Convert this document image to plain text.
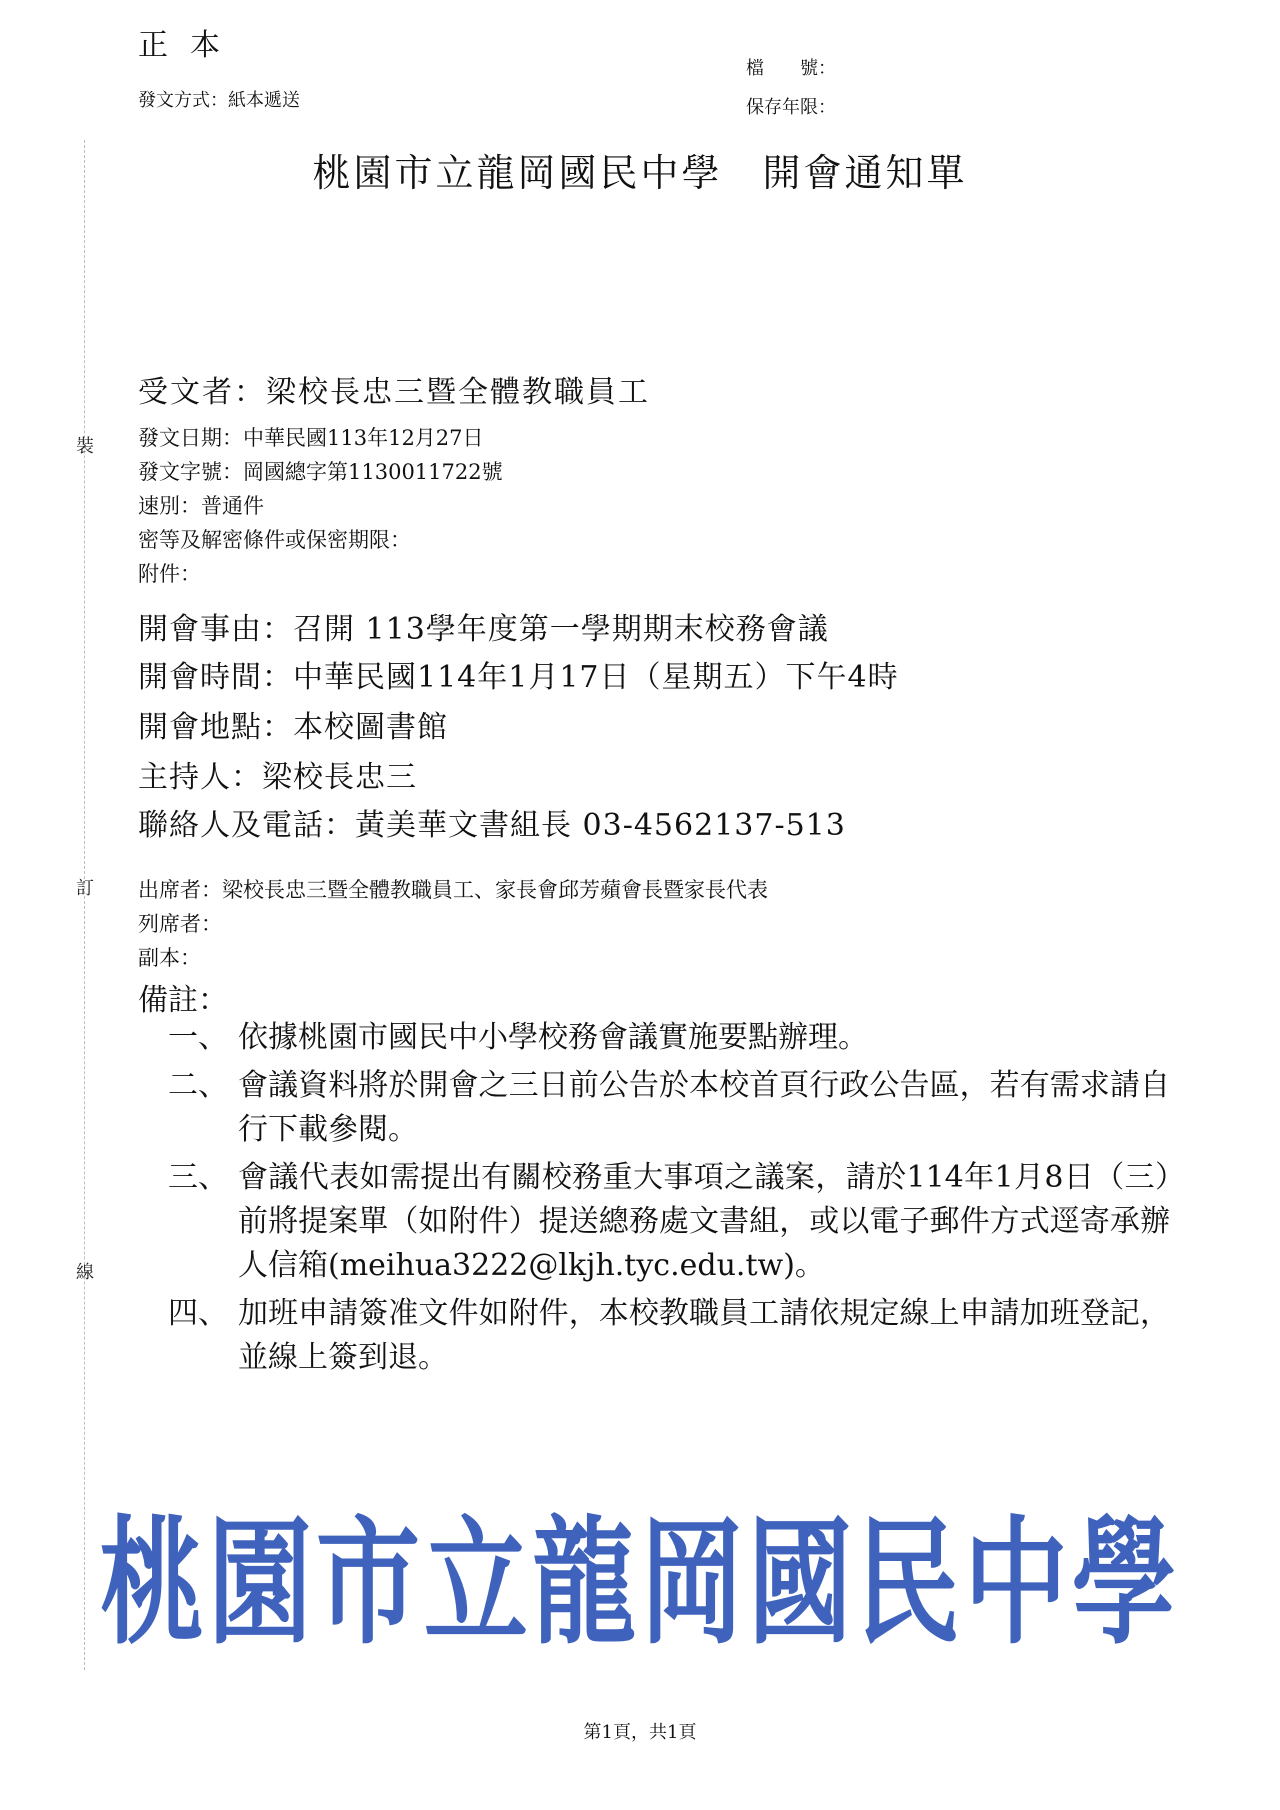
裝
訂
線
正本
發文方式：紙本遞送
檔　　號：
保存年限：
桃園市立龍岡國民中學 開會通知單
受文者：梁校長忠三暨全體教職員工
發文日期：中華民國113年12月27日
發文字號：岡國總字第1130011722號
速別：普通件
密等及解密條件或保密期限：
附件：
開會事由：召開 113學年度第一學期期末校務會議
開會時間：中華民國114年1月17日（星期五）下午4時
開會地點：本校圖書館
主持人：梁校長忠三
聯絡人及電話：黃美華文書組長 03-4562137-513
出席者：梁校長忠三暨全體教職員工、家長會邱芳蘋會長暨家長代表
列席者：
副本：
備註：
一、 依據桃園市國民中小學校務會議實施要點辦理。
二、 會議資料將於開會之三日前公告於本校首頁行政公告區，若有需求請自行下載參閱。
三、 會議代表如需提出有關校務重大事項之議案，請於114年1月8日（三）前將提案單（如附件）提送總務處文書組，或以電子郵件方式逕寄承辦人信箱(meihua3222@lkjh.tyc.edu.tw)。
四、 加班申請簽准文件如附件，本校教職員工請依規定線上申請加班登記，並線上簽到退。
桃園市立龍岡國民中學
第1頁，共1頁
